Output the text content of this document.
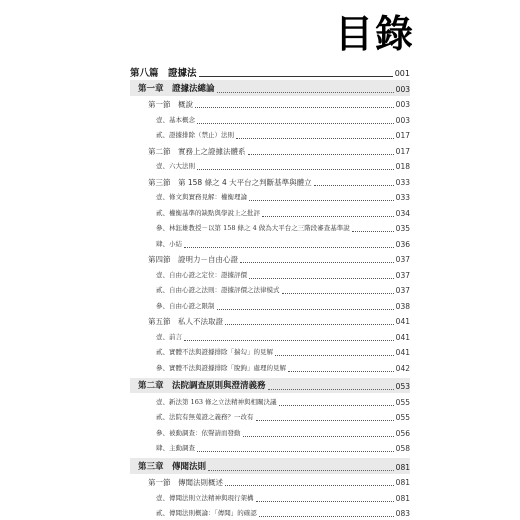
目錄
第八篇　證據法	001
第一章　證據法總論	003
第一節　概說	003
壹、基本概念	003
貳、證據排除（禁止）法則	017
第二節　實務上之證據法體系	017
壹、六大法則	018
第三節　第 158 條之 4 大平台之判斷基準與體立	033
壹、條文與實務見解：權衡理論	033
貳、權衡基準的缺點與學說上之批評	034
參、林鈺雄教授－以第 158 條之 4 做為大平台之三階段審查基準說	035
肆、小結	036
第四節　證明力－自由心證	037
壹、自由心證之定位：證據評價	037
貳、自由心證之法則：證據評價之法律模式	037
參、自由心證之限制	038
第五節　私人不法取證	041
壹、前言	041
貳、實體不法與證據排除「揣勾」的見解	041
參、實體不法與證據排除「脫鉤」處理的見解	042
第二章　法院調查原則與澄清義務	053
壹、新法第 163 條之立法精神與相關決議	055
貳、法院有無蒐證之義務？一改有	055
參、被動調查：依聲請而發動	056
肆、主動調查	058
第三章　傳聞法則	081
第一節　傳聞法則概述	081
壹、傳聞法則立法精神與現行架構	081
貳、傳聞法則概論：「傳聞」的確認	083
